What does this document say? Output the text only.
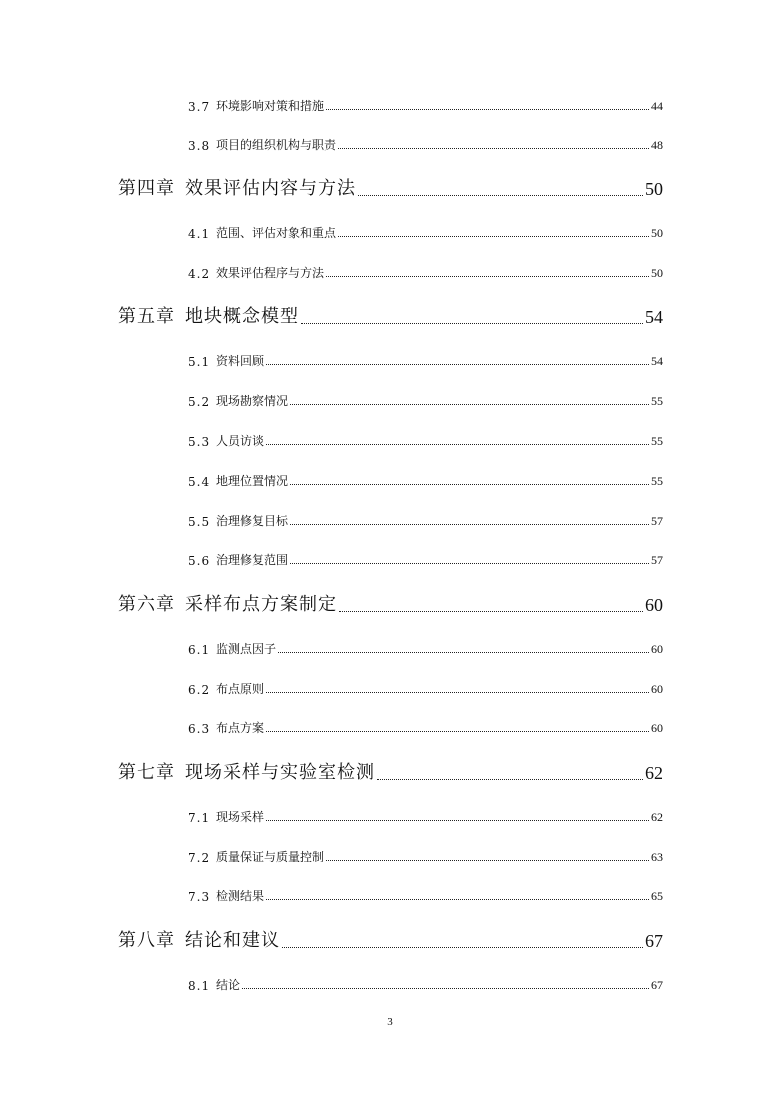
3.7 环境影响对策和措施	44
3.8 项目的组织机构与职责	48
第四章 效果评估内容与方法	50
4.1 范围、评估对象和重点	50
4.2 效果评估程序与方法	50
第五章 地块概念模型	54
5.1 资料回顾	54
5.2 现场勘察情况	55
5.3 人员访谈	55
5.4 地理位置情况	55
5.5 治理修复目标	57
5.6 治理修复范围	57
第六章 采样布点方案制定	60
6.1 监测点因子	60
6.2 布点原则	60
6.3 布点方案	60
第七章 现场采样与实验室检测	62
7.1 现场采样	62
7.2 质量保证与质量控制	63
7.3 检测结果	65
第八章 结论和建议	67
8.1 结论	67
3
